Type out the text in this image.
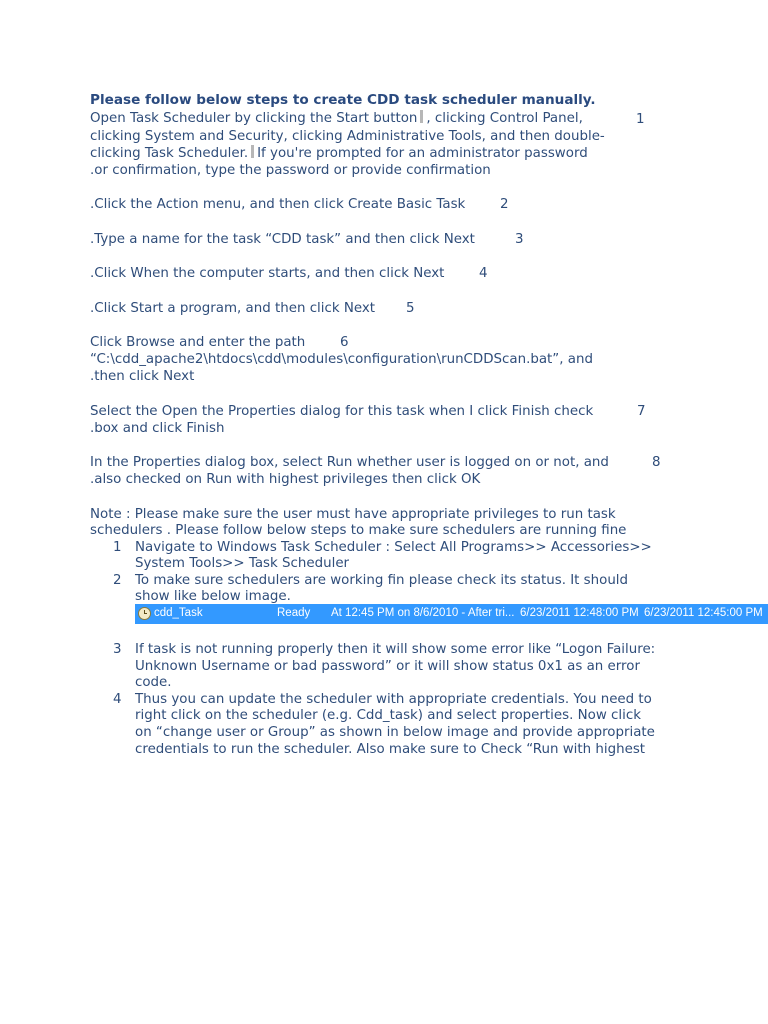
Please follow below steps to create CDD task scheduler manually.
Open Task Scheduler by clicking the Start button , clicking Control Panel,	1
clicking System and Security, clicking Administrative Tools, and then double-
clicking Task Scheduler. If you're prompted for an administrator password
.or confirmation, type the password or provide confirmation
.Click the Action menu, and then click Create Basic Task	2
.Type a name for the task “CDD task” and then click Next	3
.Click When the computer starts, and then click Next	4
.Click Start a program, and then click Next 5
Click Browse and enter the path	6
“C:\cdd_apache2\htdocs\cdd\modules\configuration\runCDDScan.bat”, and
.then click Next
Select the Open the Properties dialog for this task when I click Finish check	7
.box and click Finish
In the Properties dialog box, select Run whether user is logged on or not, and	8
.also checked on Run with highest privileges then click OK
Note : Please make sure the user must have appropriate privileges to run task
schedulers . Please follow below steps to make sure schedulers are running fine
1 Navigate to Windows Task Scheduler : Select All Programs>> Accessories>>
System Tools>> Task Scheduler
2 To make sure schedulers are working fin please check its status. It should
show like below image.
cdd_Task	Ready At 12:45 PM on 8/6/2010 - After tri... 6/23/2011 12:48:00 PM 6/23/2011 12:45:00 PM
3 If task is not running properly then it will show some error like “Logon Failure:
Unknown Username or bad password” or it will show status 0x1 as an error
code.
4 Thus you can update the scheduler with appropriate credentials. You need to
right click on the scheduler (e.g. Cdd_task) and select properties. Now click
on “change user or Group” as shown in below image and provide appropriate
credentials to run the scheduler. Also make sure to Check “Run with highest
